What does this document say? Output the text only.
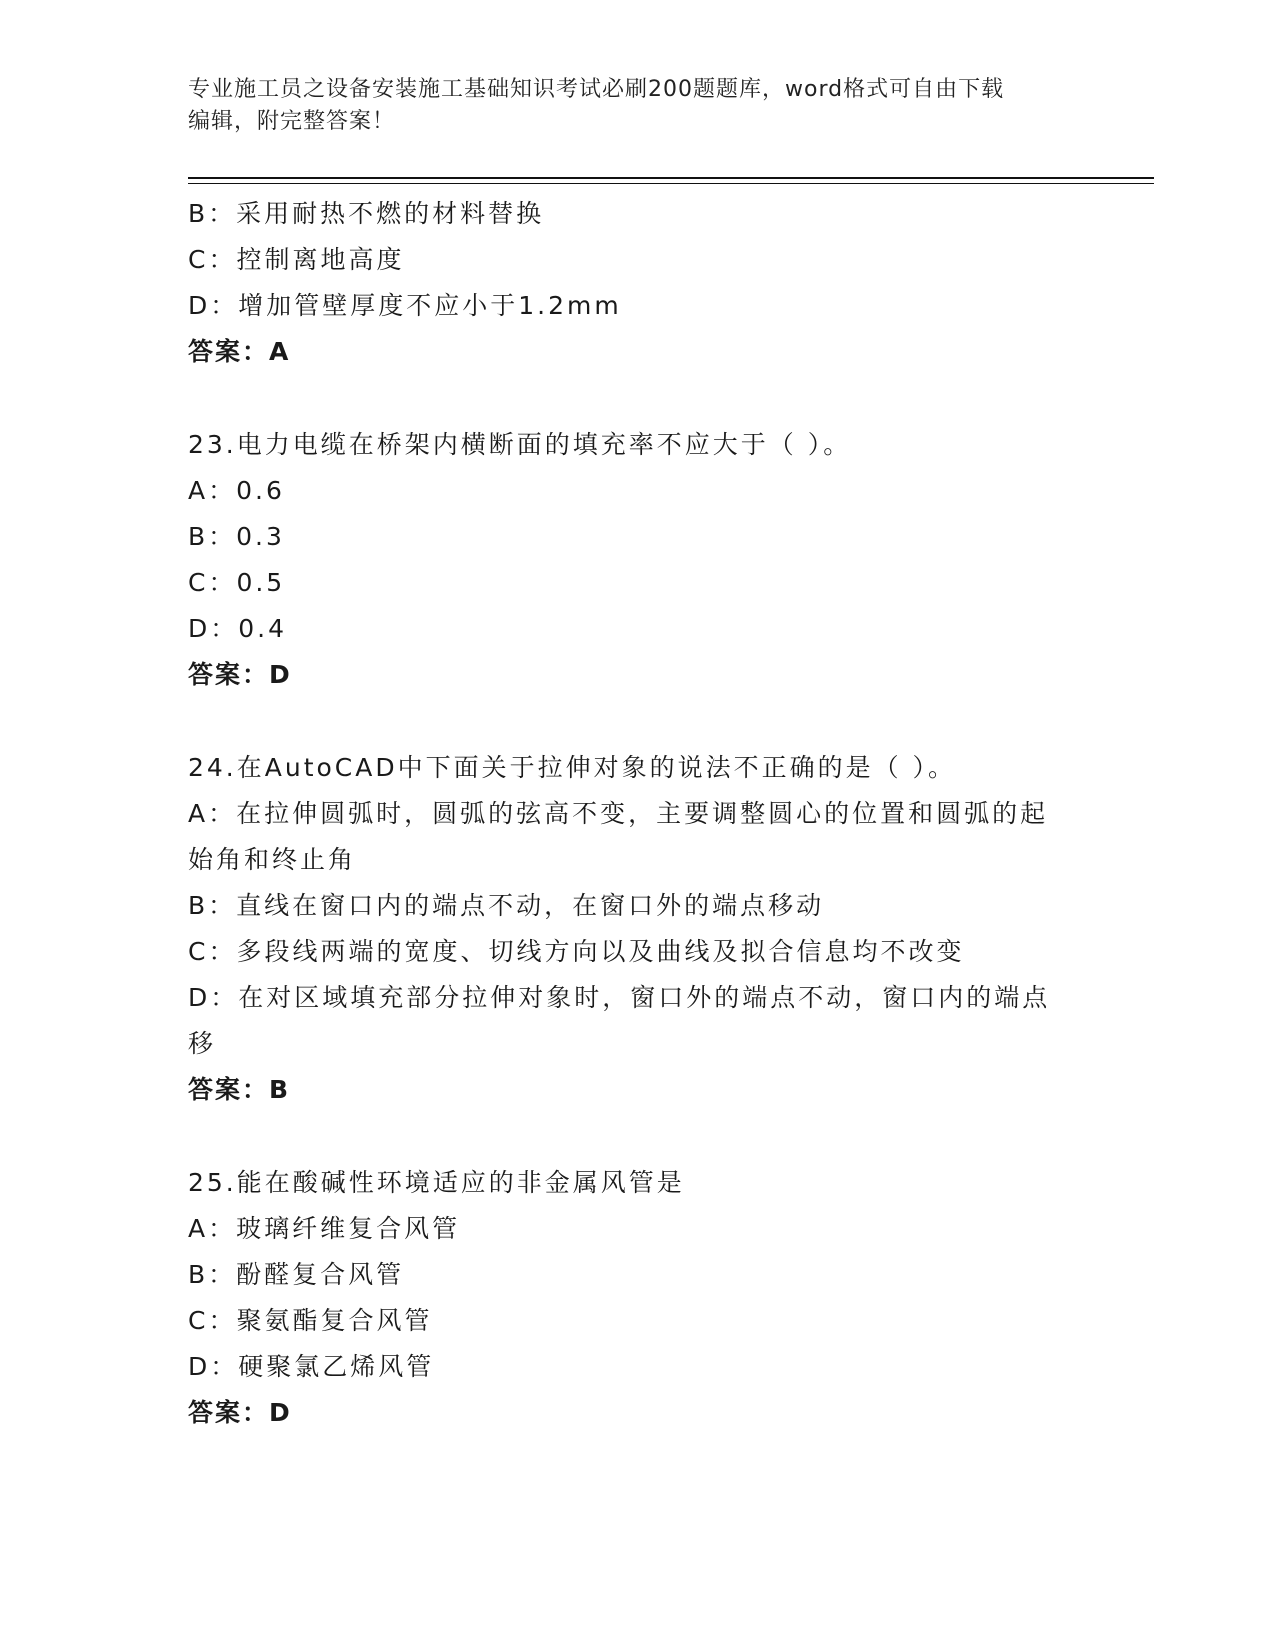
专业施工员之设备安装施工基础知识考试必刷200题题库，word格式可自由下载
编辑，附完整答案！

B：采用耐热不燃的材料替换

C：控制离地高度

D：增加管壁厚度不应小于1.2mm

答案：A

23.电力电缆在桥架内横断面的填充率不应大于（ ）。

A：0.6

B：0.3

C：0.5

D：0.4

答案：D

24.在AutoCAD中下面关于拉伸对象的说法不正确的是（ ）。

A：在拉伸圆弧时，圆弧的弦高不变，主要调整圆心的位置和圆弧的起始角和终止角

B：直线在窗口内的端点不动，在窗口外的端点移动

C：多段线两端的宽度、切线方向以及曲线及拟合信息均不改变

D：在对区域填充部分拉伸对象时，窗口外的端点不动，窗口内的端点移

答案：B

25.能在酸碱性环境适应的非金属风管是

A：玻璃纤维复合风管

B：酚醛复合风管

C：聚氨酯复合风管

D：硬聚氯乙烯风管

答案：D
